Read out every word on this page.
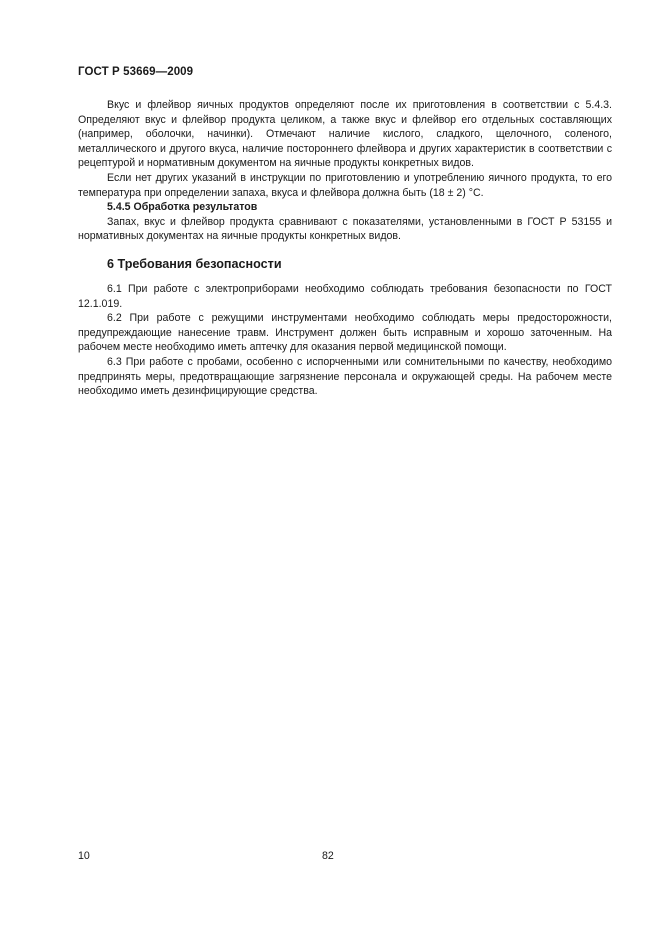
ГОСТ Р 53669—2009

Вкус и флейвор яичных продуктов определяют после их приготовления в соответствии с 5.4.3. Определяют вкус и флейвор продукта целиком, а также вкус и флейвор его отдельных составляющих (например, оболочки, начинки). Отмечают наличие кислого, сладкого, щелочного, соленого, металлического и другого вкуса, наличие постороннего флейвора и других характеристик в соответствии с рецептурой и нормативным документом на яичные продукты конкретных видов.

Если нет других указаний в инструкции по приготовлению и употреблению яичного продукта, то его температура при определении запаха, вкуса и флейвора должна быть (18 ± 2) °С.

5.4.5 Обработка результатов

Запах, вкус и флейвор продукта сравнивают с показателями, установленными в ГОСТ Р 53155 и нормативных документах на яичные продукты конкретных видов.

6 Требования безопасности

6.1 При работе с электроприборами необходимо соблюдать требования безопасности по ГОСТ 12.1.019.

6.2 При работе с режущими инструментами необходимо соблюдать меры предосторожности, предупреждающие нанесение травм. Инструмент должен быть исправным и хорошо заточенным. На рабочем месте необходимо иметь аптечку для оказания первой медицинской помощи.

6.3 При работе с пробами, особенно с испорченными или сомнительными по качеству, необходимо предпринять меры, предотвращающие загрязнение персонала и окружающей среды. На рабочем месте необходимо иметь дезинфицирующие средства.

10	82
